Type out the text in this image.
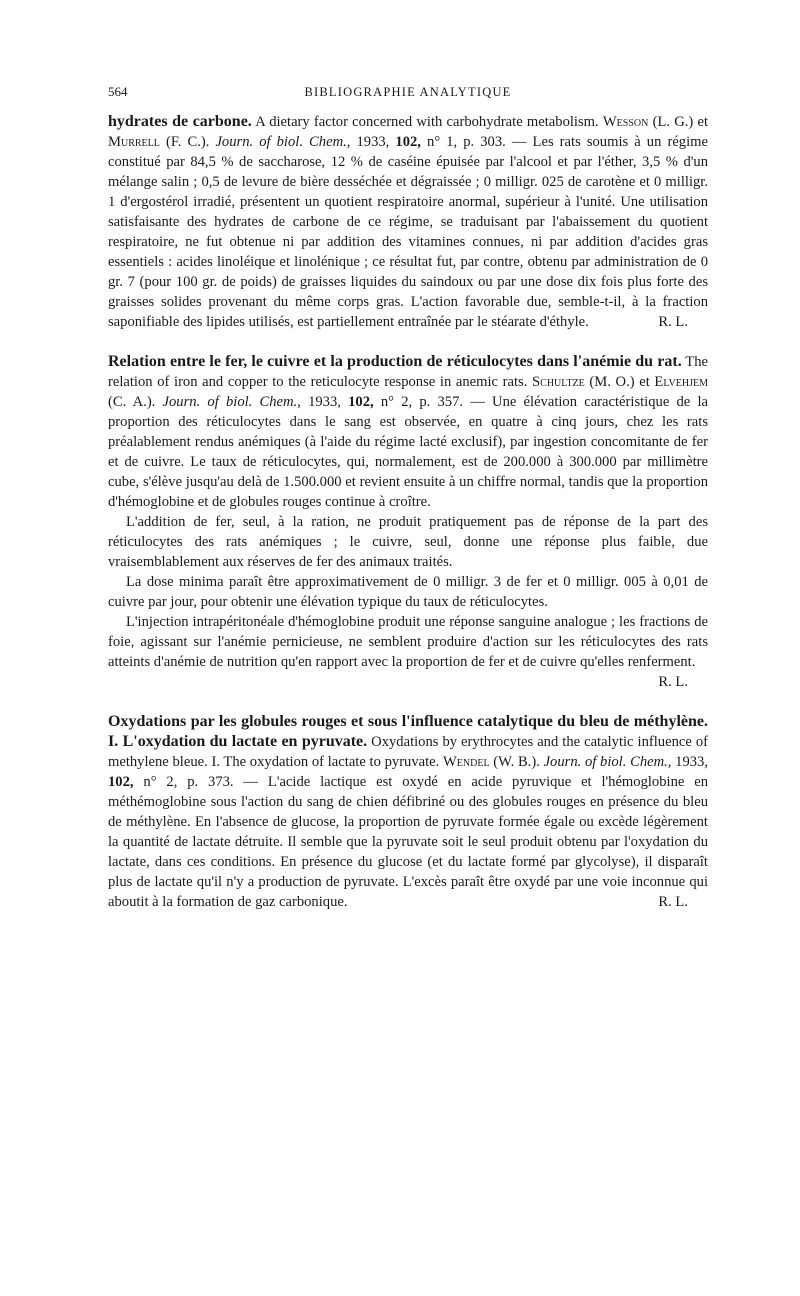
564	BIBLIOGRAPHIE ANALYTIQUE

hydrates de carbone. A dietary factor concerned with carbohydrate metabolism. Wesson (L. G.) et Murrell (F. C.). Journ. of biol. Chem., 1933, 102, n° 1, p. 303. — Les rats soumis à un régime constitué par 84,5 % de saccharose, 12 % de caséine épuisée par l'alcool et par l'éther, 3,5 % d'un mélange salin ; 0,5 de levure de bière desséchée et dégraissée ; 0 milligr. 025 de carotène et 0 milligr. 1 d'ergostérol irradié, présentent un quotient respiratoire anormal, supérieur à l'unité. Une utilisation satisfaisante des hydrates de carbone de ce régime, se traduisant par l'abaissement du quotient respiratoire, ne fut obtenue ni par addition des vitamines connues, ni par addition d'acides gras essentiels : acides linoléique et linolénique ; ce résultat fut, par contre, obtenu par administration de 0 gr. 7 (pour 100 gr. de poids) de graisses liquides du saindoux ou par une dose dix fois plus forte des graisses solides provenant du même corps gras. L'action favorable due, semble-t-il, à la fraction saponifiable des lipides utilisés, est partiellement entraînée par le stéarate d'éthyle.	R. L.

Relation entre le fer, le cuivre et la production de réticulocytes dans l'anémie du rat. The relation of iron and copper to the reticulocyte response in anemic rats. Schultze (M. O.) et Elvehjem (C. A.). Journ. of biol. Chem., 1933, 102, n° 2, p. 357. — Une élévation caractéristique de la proportion des réticulocytes dans le sang est observée, en quatre à cinq jours, chez les rats préalablement rendus anémiques (à l'aide du régime lacté exclusif), par ingestion concomitante de fer et de cuivre. Le taux de réticulocytes, qui, normalement, est de 200.000 à 300.000 par millimètre cube, s'élève jusqu'au delà de 1.500.000 et revient ensuite à un chiffre normal, tandis que la proportion d'hémoglobine et de globules rouges continue à croître.

L'addition de fer, seul, à la ration, ne produit pratiquement pas de réponse de la part des réticulocytes des rats anémiques ; le cuivre, seul, donne une réponse plus faible, due vraisemblablement aux réserves de fer des animaux traités.

La dose minima paraît être approximativement de 0 milligr. 3 de fer et 0 milligr. 005 à 0,01 de cuivre par jour, pour obtenir une élévation typique du taux de réticulocytes.

L'injection intrapéritonéale d'hémoglobine produit une réponse sanguine analogue ; les fractions de foie, agissant sur l'anémie pernicieuse, ne semblent produire d'action sur les réticulocytes des rats atteints d'anémie de nutrition qu'en rapport avec la proportion de fer et de cuivre qu'elles renferment.
R. L.

Oxydations par les globules rouges et sous l'influence catalytique du bleu de méthylène. I. L'oxydation du lactate en pyruvate. Oxydations by erythrocytes and the catalytic influence of methylene bleue. I. The oxydation of lactate to pyruvate. Wendel (W. B.). Journ. of biol. Chem., 1933, 102, n° 2, p. 373. — L'acide lactique est oxydé en acide pyruvique et l'hémoglobine en méthémoglobine sous l'action du sang de chien défibriné ou des globules rouges en présence du bleu de méthylène. En l'absence de glucose, la proportion de pyruvate formée égale ou excède légèrement la quantité de lactate détruite. Il semble que la pyruvate soit le seul produit obtenu par l'oxydation du lactate, dans ces conditions. En présence du glucose (et du lactate formé par glycolyse), il disparaît plus de lactate qu'il n'y a production de pyruvate. L'excès paraît être oxydé par une voie inconnue qui aboutit à la formation de gaz carbonique.	R. L.
